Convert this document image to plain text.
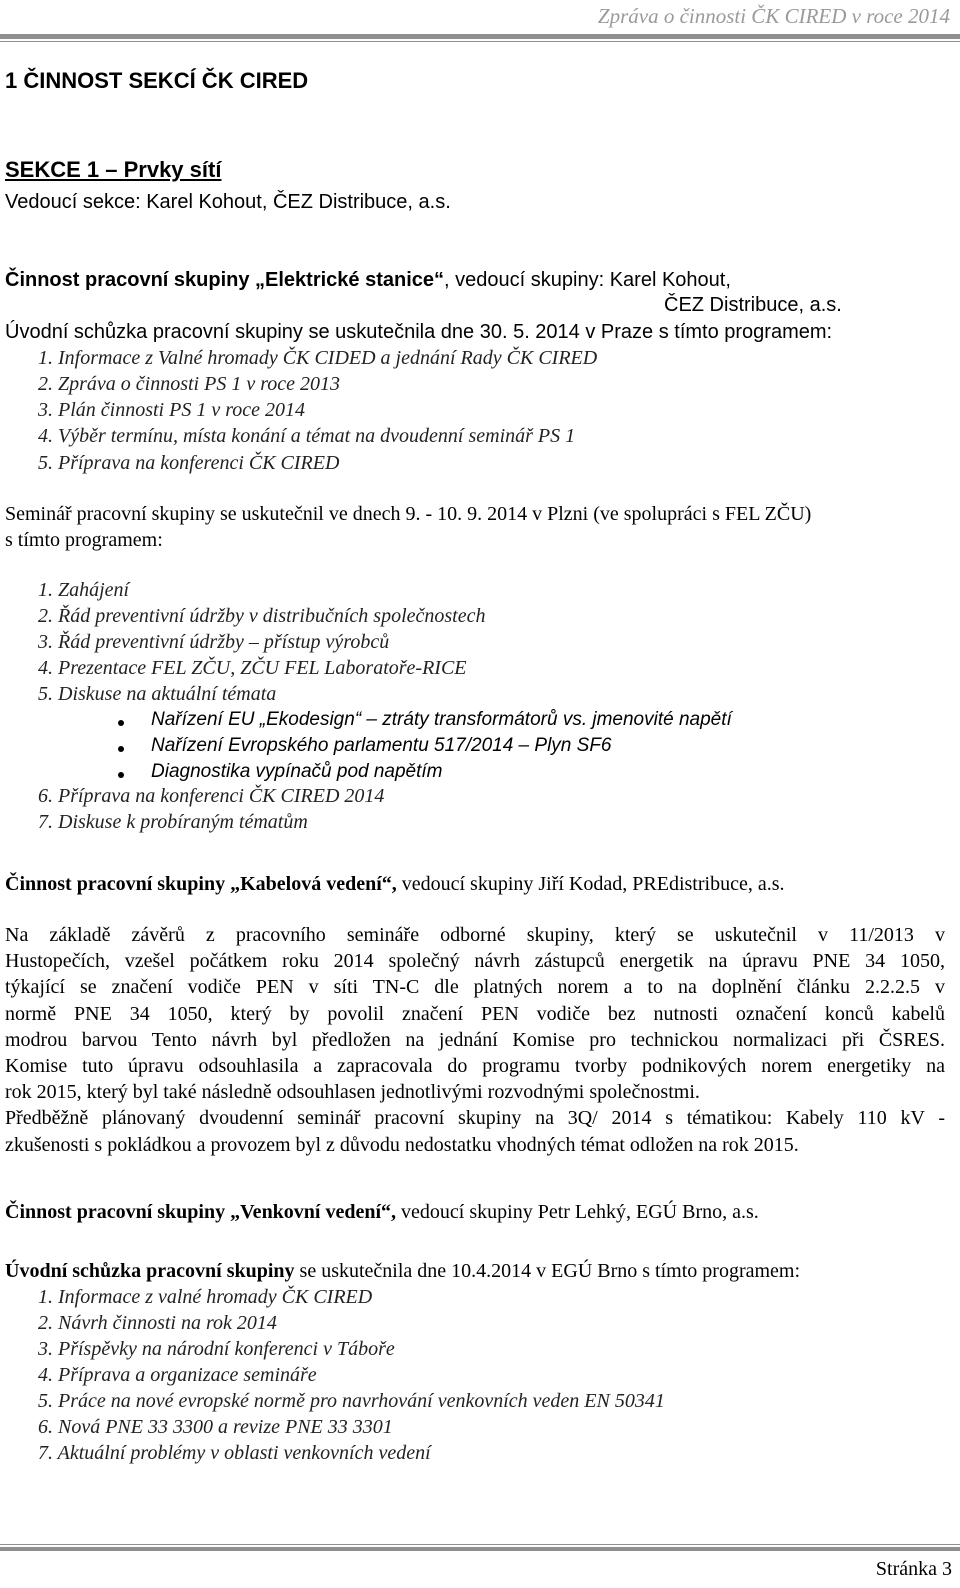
Zpráva o činnosti ČK CIRED v roce 2014
1 ČINNOST SEKCÍ ČK CIRED
SEKCE 1 – Prvky sítí
Vedoucí sekce: Karel Kohout, ČEZ Distribuce, a.s.
Činnost pracovní skupiny „Elektrické stanice“, vedoucí skupiny: Karel Kohout,
ČEZ Distribuce, a.s.
Úvodní schůzka pracovní skupiny se uskutečnila dne 30. 5. 2014 v Praze s tímto programem:
1. Informace z Valné hromady ČK CIDED a jednání Rady ČK CIRED
2. Zpráva o činnosti PS 1 v roce 2013
3. Plán činnosti PS 1 v roce 2014
4. Výběr termínu, místa konání a témat na dvoudenní seminář PS 1
5. Příprava na konferenci ČK CIRED
Seminář pracovní skupiny se uskutečnil ve dnech 9. - 10. 9. 2014 v Plzni (ve spolupráci s FEL ZČU)
s tímto programem:
1. Zahájení
2. Řád preventivní údržby v distribučních společnostech
3. Řád preventivní údržby – přístup výrobců
4. Prezentace FEL ZČU, ZČU FEL Laboratoře-RICE
5. Diskuse na aktuální témata
Nařízení EU „Ekodesign“ – ztráty transformátorů vs. jmenovité napětí
Nařízení Evropského parlamentu 517/2014 – Plyn SF6
Diagnostika vypínačů pod napětím
6. Příprava na konferenci ČK CIRED 2014
7. Diskuse k probíraným tématům
Činnost pracovní skupiny „Kabelová vedení“, vedoucí skupiny Jiří Kodad, PREdistribuce, a.s.
Na základě závěrů z pracovního semináře odborné skupiny, který se uskutečnil v 11/2013 v
Hustopečích, vzešel počátkem roku 2014 společný návrh zástupců energetik na úpravu PNE 34 1050,
týkající se značení vodiče PEN v síti TN-C dle platných norem a to na doplnění článku 2.2.2.5 v
normě PNE 34 1050, který by povolil značení PEN vodiče bez nutnosti označení konců kabelů
modrou barvou Tento návrh byl předložen na jednání Komise pro technickou normalizaci při ČSRES.
Komise tuto úpravu odsouhlasila a zapracovala do programu tvorby podnikových norem energetiky na
rok 2015, který byl také následně odsouhlasen jednotlivými rozvodnými společnostmi.
Předběžně plánovaný dvoudenní seminář pracovní skupiny na 3Q/ 2014 s tématikou: Kabely 110 kV -
zkušenosti s pokládkou a provozem byl z důvodu nedostatku vhodných témat odložen na rok 2015.
Činnost pracovní skupiny „Venkovní vedení“, vedoucí skupiny Petr Lehký, EGÚ Brno, a.s.
Úvodní schůzka pracovní skupiny se uskutečnila dne 10.4.2014 v EGÚ Brno s tímto programem:
1. Informace z valné hromady ČK CIRED
2. Návrh činnosti na rok 2014
3. Příspěvky na národní konferenci v Táboře
4. Příprava a organizace semináře
5. Práce na nové evropské normě pro navrhování venkovních veden EN 50341
6. Nová PNE 33 3300 a revize PNE 33 3301
7. Aktuální problémy v oblasti venkovních vedení
Stránka 3
